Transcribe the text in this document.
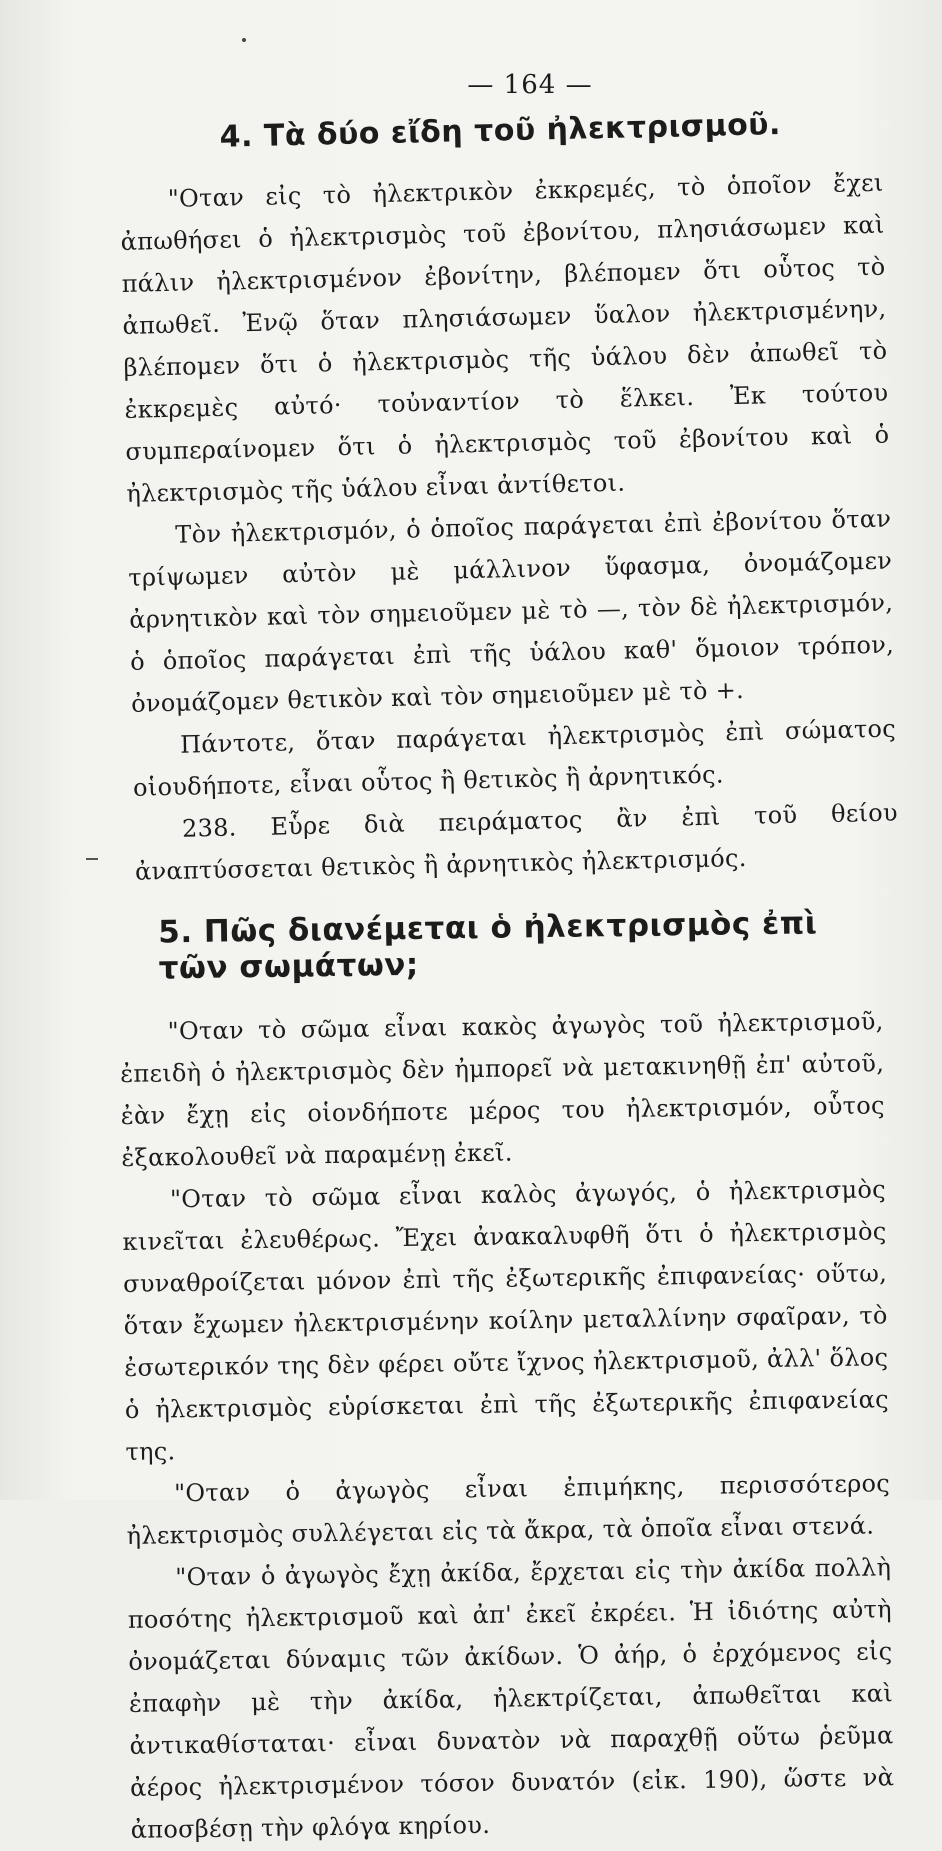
— 164 —
4. Τὰ δύο εἴδη τοῦ ἠλεκτρισμοῦ.

"Οταν εἰς τὸ ἠλεκτρικὸν ἐκκρεμές, τὸ ὁποῖον ἔχει ἀπωθήσει ὁ ἠλεκτρισμὸς τοῦ ἐβονίτου, πλησιάσωμεν καὶ πάλιν ἠλεκτρισμένον ἐβονίτην, βλέπομεν ὅτι οὗτος τὸ ἀπωθεῖ. Ἐνῷ ὅταν πλησιάσωμεν ὕαλον ἠλεκτρισμένην, βλέπομεν ὅτι ὁ ἠλεκτρισμὸς τῆς ὑάλου δὲν ἀπωθεῖ τὸ ἐκκρεμὲς αὐτό· τοὐναντίον τὸ ἕλκει. Ἐκ τούτου συμπεραίνομεν ὅτι ὁ ἠλεκτρισμὸς τοῦ ἐβονίτου καὶ ὁ ἠλεκτρισμὸς τῆς ὑάλου εἶναι ἀντίθετοι.

Τὸν ἠλεκτρισμόν, ὁ ὁποῖος παράγεται ἐπὶ ἐβονίτου ὅταν τρίψωμεν αὐτὸν μὲ μάλλινον ὕφασμα, ὀνομάζομεν ἀρνητικὸν καὶ τὸν σημειοῦμεν μὲ τὸ —, τὸν δὲ ἠλεκτρισμόν, ὁ ὁποῖος παράγεται ἐπὶ τῆς ὑάλου καθ' ὅμοιον τρόπον, ὀνομάζομεν θετικὸν καὶ τὸν σημειοῦμεν μὲ τὸ +.

Πάντοτε, ὅταν παράγεται ἠλεκτρισμὸς ἐπὶ σώματος οἱουδήποτε, εἶναι οὗτος ἢ θετικὸς ἢ ἀρνητικός.

238. Εὗρε διὰ πειράματος ἂν ἐπὶ τοῦ θείου ἀναπτύσσεται θετικὸς ἢ ἀρνητικὸς ἠλεκτρισμός.

5. Πῶς διανέμεται ὁ ἠλεκτρισμὸς ἐπὶ τῶν σωμάτων;

"Οταν τὸ σῶμα εἶναι κακὸς ἀγωγὸς τοῦ ἠλεκτρισμοῦ, ἐπειδὴ ὁ ἠλεκτρισμὸς δὲν ἠμπορεῖ νὰ μετακινηθῇ ἐπ' αὐτοῦ, ἐὰν ἔχῃ εἰς οἱονδήποτε μέρος του ἠλεκτρισμόν, οὗτος ἐξακολουθεῖ νὰ παραμένῃ ἐκεῖ.

"Οταν τὸ σῶμα εἶναι καλὸς ἀγωγός, ὁ ἠλεκτρισμὸς κινεῖται ἐλευθέρως. Ἔχει ἀνακαλυφθῆ ὅτι ὁ ἠλεκτρισμὸς συναθροίζεται μόνον ἐπὶ τῆς ἐξωτερικῆς ἐπιφανείας· οὕτω, ὅταν ἔχωμεν ἠλεκτρισμένην κοίλην μεταλλίνην σφαῖραν, τὸ ἐσωτερικόν της δὲν φέρει οὔτε ἴχνος ἠλεκτρισμοῦ, ἀλλ' ὅλος ὁ ἠλεκτρισμὸς εὑρίσκεται ἐπὶ τῆς ἐξωτερικῆς ἐπιφανείας της.

"Οταν ὁ ἀγωγὸς εἶναι ἐπιμήκης, περισσότερος ἠλεκτρισμὸς συλλέγεται εἰς τὰ ἄκρα, τὰ ὁποῖα εἶναι στενά.

"Οταν ὁ ἀγωγὸς ἔχῃ ἀκίδα, ἔρχεται εἰς τὴν ἀκίδα πολλὴ ποσότης ἠλεκτρισμοῦ καὶ ἀπ' ἐκεῖ ἐκρέει. Ἡ ἰδιότης αὐτὴ ὀνομάζεται δύναμις τῶν ἀκίδων. Ὁ ἀήρ, ὁ ἐρχόμενος εἰς ἐπαφὴν μὲ τὴν ἀκίδα, ἠλεκτρίζεται, ἀπωθεῖται καὶ ἀντικαθίσταται· εἶναι δυνατὸν νὰ παραχθῇ οὕτω ῥεῦμα ἀέρος ἠλεκτρισμένον τόσον δυνατόν (εἰκ. 190), ὥστε νὰ ἀποσβέσῃ τὴν φλόγα κηρίου.
